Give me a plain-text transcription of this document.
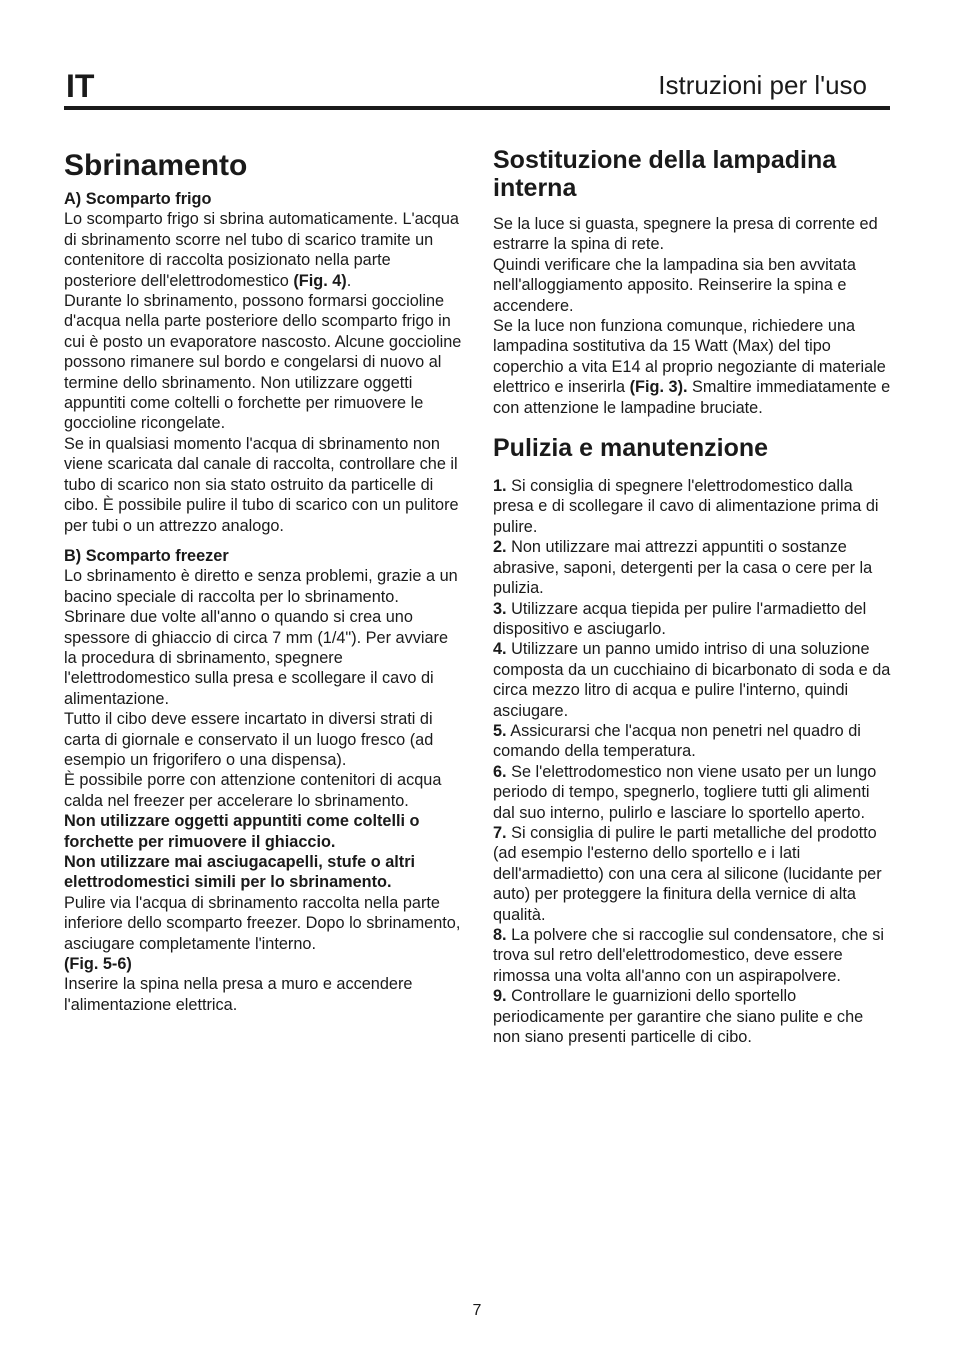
IT	Istruzioni per l'uso
Sbrinamento
A) Scomparto frigo

Lo scomparto frigo si sbrina automaticamente. L'acqua di sbrinamento scorre nel tubo di scarico tramite un contenitore di raccolta posizionato nella parte posteriore dell'elettrodomestico (Fig. 4).

Durante lo sbrinamento, possono formarsi goccioline d'acqua nella parte posteriore dello scomparto frigo in cui è posto un evaporatore nascosto. Alcune goccioline possono rimanere sul bordo e congelarsi di nuovo al termine dello sbrinamento. Non utilizzare oggetti appuntiti come coltelli o forchette per rimuovere le goccioline ricongelate.

Se in qualsiasi momento l'acqua di sbrinamento non viene scaricata dal canale di raccolta, controllare che il tubo di scarico non sia stato ostruito da particelle di cibo. È possibile pulire il tubo di scarico con un pulitore per tubi o un attrezzo analogo.

B) Scomparto freezer

Lo sbrinamento è diretto e senza problemi, grazie a un bacino speciale di raccolta per lo sbrinamento.

Sbrinare due volte all'anno o quando si crea uno spessore di ghiaccio di circa 7 mm (1/4"). Per avviare la procedura di sbrinamento, spegnere l'elettrodomestico sulla presa e scollegare il cavo di alimentazione.

Tutto il cibo deve essere incartato in diversi strati di carta di giornale e conservato il un luogo fresco (ad esempio un frigorifero o una dispensa).

È possibile porre con attenzione contenitori di acqua calda nel freezer per accelerare lo sbrinamento.

Non utilizzare oggetti appuntiti come coltelli o forchette per rimuovere il ghiaccio.

Non utilizzare mai asciugacapelli, stufe o altri elettrodomestici simili per lo sbrinamento.

Pulire via l'acqua di sbrinamento raccolta nella parte inferiore dello scomparto freezer. Dopo lo sbrinamento, asciugare completamente l'interno.

(Fig. 5-6)

Inserire la spina nella presa a muro e accendere l'alimentazione elettrica.

Sostituzione della lampadina interna

Se la luce si guasta, spegnere la presa di corrente ed estrarre la spina di rete.

Quindi verificare che la lampadina sia ben avvitata nell'alloggiamento apposito. Reinserire la spina e accendere.

Se la luce non funziona comunque, richiedere una lampadina sostitutiva da 15 Watt (Max) del tipo coperchio a vita E14 al proprio negoziante di materiale elettrico e inserirla (Fig. 3). Smaltire immediatamente e con attenzione le lampadine bruciate.

Pulizia e manutenzione

1. Si consiglia di spegnere l'elettrodomestico dalla presa e di scollegare il cavo di alimentazione prima di pulire.

2. Non utilizzare mai attrezzi appuntiti o sostanze abrasive, saponi, detergenti per la casa o cere per la pulizia.

3. Utilizzare acqua tiepida per pulire l'armadietto del dispositivo e asciugarlo.

4. Utilizzare un panno umido intriso di una soluzione composta da un cucchiaino di bicarbonato di soda e da circa mezzo litro di acqua e pulire l'interno, quindi asciugare.

5. Assicurarsi che l'acqua non penetri nel quadro di comando della temperatura.

6. Se l'elettrodomestico non viene usato per un lungo periodo di tempo, spegnerlo, togliere tutti gli alimenti dal suo interno, pulirlo e lasciare lo sportello aperto.

7. Si consiglia di pulire le parti metalliche del prodotto (ad esempio l'esterno dello sportello e i lati dell'armadietto) con una cera al silicone (lucidante per auto) per proteggere la finitura della vernice di alta qualità.

8. La polvere che si raccoglie sul condensatore, che si trova sul retro dell'elettrodomestico, deve essere rimossa una volta all'anno con un aspirapolvere.

9. Controllare le guarnizioni dello sportello periodicamente per garantire che siano pulite e che non siano presenti particelle di cibo.

7
